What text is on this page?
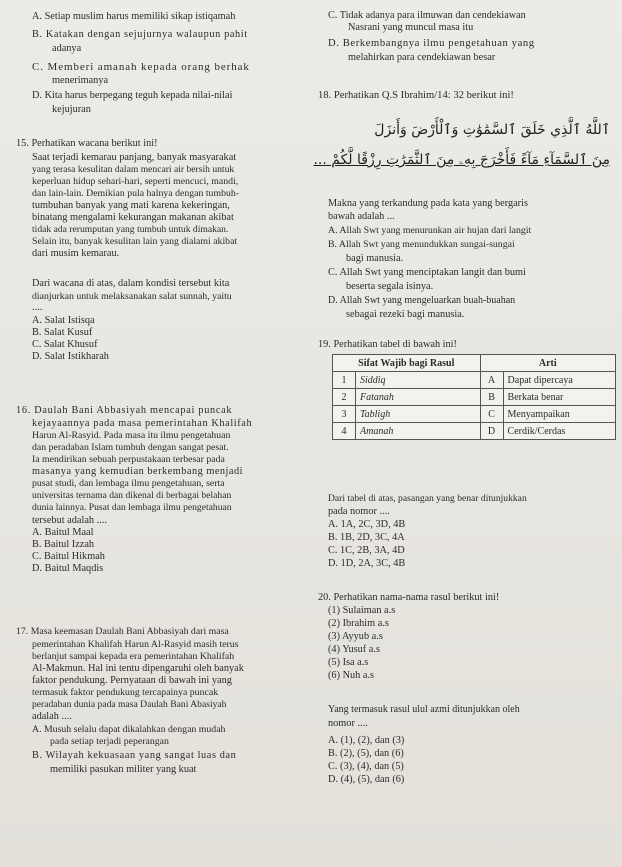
A. Setiap muslim harus memiliki sikap istiqamah
B. Katakan dengan sejujurnya walaupun pahit
adanya
C. Memberi amanah kepada orang berhak
menerimanya
D. Kita harus berpegang teguh kepada nilai-nilai
kejujuran
15. Perhatikan wacana berikut ini!
Saat terjadi kemarau panjang, banyak masyarakat
yang terasa kesulitan dalam mencari air bersih untuk
keperluan hidup sehari-hari, seperti mencuci, mandi,
dan lain-lain. Demikian pula halnya dengan tumbuh-
tumbuhan banyak yang mati karena kekeringan,
binatang mengalami kekurangan makanan akibat
tidak ada rerumputan yang tumbuh untuk dimakan.
Selain itu, banyak kesulitan lain yang dialami akibat
dari musim kemarau.
Dari wacana di atas, dalam kondisi tersebut kita
dianjurkan untuk melaksanakan salat sunnah, yaitu
....
A. Salat Istisqa
B. Salat Kusuf
C. Salat Khusuf
D. Salat Istikharah
16. Daulah Bani Abbasiyah mencapai puncak
kejayaannya pada masa pemerintahan Khalifah
Harun Al-Rasyid. Pada masa itu ilmu pengetahuan
dan peradaban Islam tumbuh dengan sangat pesat.
Ia mendirikan sebuah perpustakaan terbesar pada
masanya yang kemudian berkembang menjadi
pusat studi, dan lembaga ilmu pengetahuan, serta
universitas ternama dan dikenal di berbagai belahan
dunia lainnya. Pusat dan lembaga ilmu pengetahuan
tersebut adalah ....
A. Baitul Maal
B. Baitul Izzah
C. Baitul Hikmah
D. Baitul Maqdis
17. Masa keemasan Daulah Bani Abbasiyah dari masa
pemerintahan Khalifah Harun Al-Rasyid masih terus
berlanjut sampai kepada era pemerintahan Khalifah
Al-Makmun. Hal ini tentu dipengaruhi oleh banyak
faktor pendukung. Pernyataan di bawah ini yang
termasuk faktor pendukung tercapainya puncak
peradaban dunia pada masa Daulah Bani Abasiyah
adalah ....
A. Musuh selalu dapat dikalahkan dengan mudah
pada setiap terjadi peperangan
B. Wilayah kekuasaan yang sangat luas dan
memiliki pasukan militer yang kuat
C. Tidak adanya para ilmuwan dan cendekiawan
Nasrani yang muncul masa itu
D. Berkembangnya ilmu pengetahuan yang
melahirkan para cendekiawan besar
18. Perhatikan Q.S Ibrahim/14: 32 berikut ini!
ٱللَّهُ ٱلَّذِي خَلَقَ ٱلسَّمَٰوَٰتِ وَٱلْأَرْضَ وَأَنزَلَ
مِنَ ٱلسَّمَآءِ مَآءً فَأَخْرَجَ بِهِۦ مِنَ ٱلثَّمَرَٰتِ رِزْقًا لَّكُمْ ...
Makna yang terkandung pada kata yang bergaris
bawah adalah ...
A. Allah Swt yang menurunkan air hujan dari langit
B. Allah Swt yang menundukkan sungai-sungai
bagi manusia.
C. Allah Swt yang menciptakan langit dan bumi
beserta segala isinya.
D. Allah Swt yang mengeluarkan buah-buahan
sebagai rezeki bagi manusia.
19. Perhatikan tabel di bawah ini!
Sifat Wajib bagi Rasul		Arti	
1	Siddiq	A	Dapat dipercaya
2	Fatanah	B	Berkata benar
3	Tabligh	C	Menyampaikan
4	Amanah	D	Cerdik/Cerdas
Dari tabel di atas, pasangan yang benar ditunjukkan
pada nomor ....
A. 1A, 2C, 3D, 4B
B. 1B, 2D, 3C, 4A
C. 1C, 2B, 3A, 4D
D. 1D, 2A, 3C, 4B
20. Perhatikan nama-nama rasul berikut ini!
(1) Sulaiman a.s
(2) Ibrahim a.s
(3) Ayyub a.s
(4) Yusuf a.s
(5) Isa a.s
(6) Nuh a.s
Yang termasuk rasul ulul azmi ditunjukkan oleh
nomor ....
A. (1), (2), dan (3)
B. (2), (5), dan (6)
C. (3), (4), dan (5)
D. (4), (5), dan (6)
